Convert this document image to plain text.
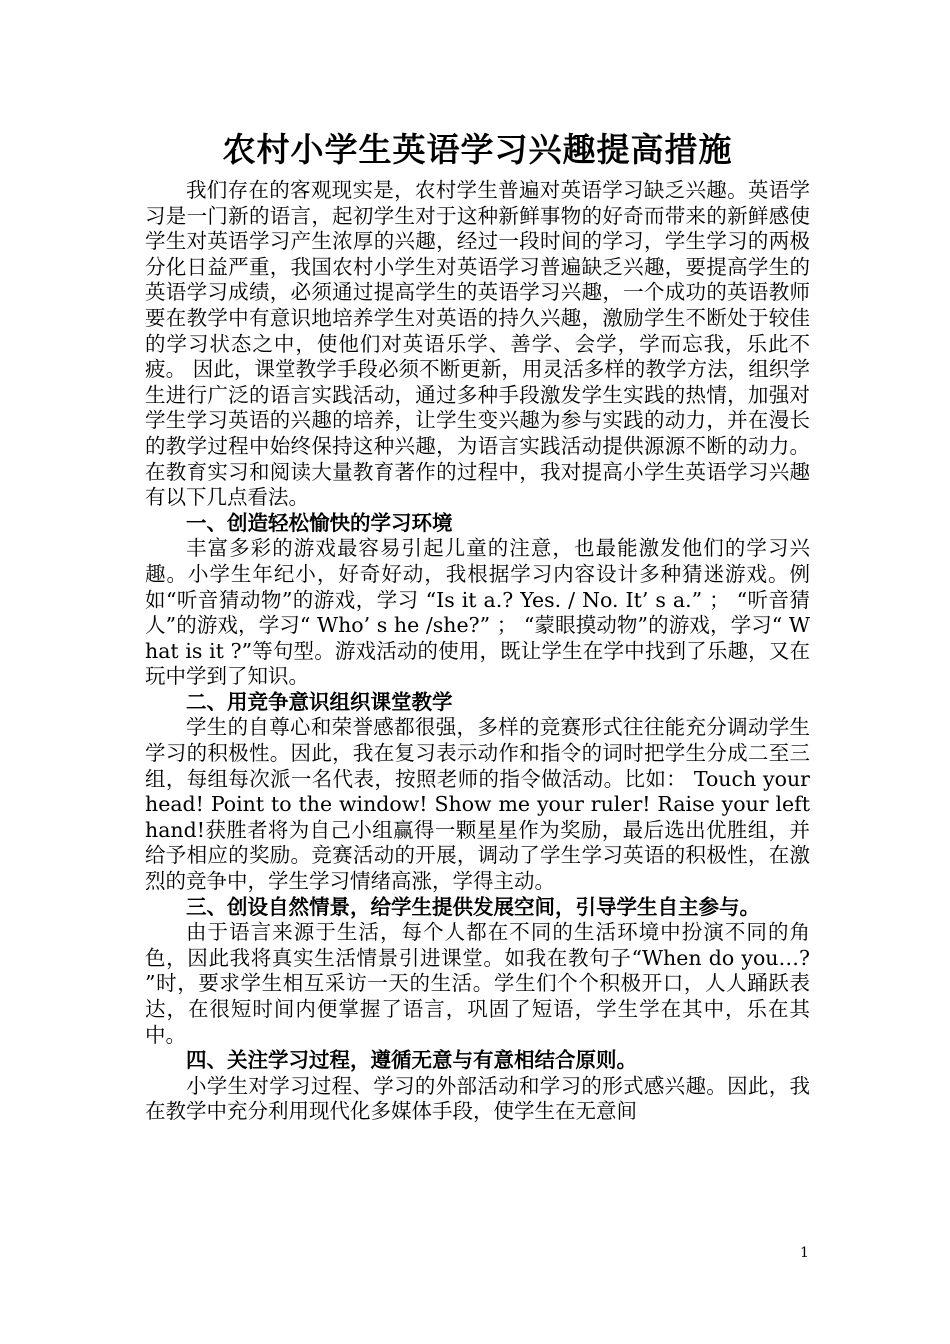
农村小学生英语学习兴趣提高措施

我们存在的客观现实是，农村学生普遍对英语学习缺乏兴趣。英语学习是一门新的语言，起初学生对于这种新鲜事物的好奇而带来的新鲜感使学生对英语学习产生浓厚的兴趣，经过一段时间的学习，学生学习的两极分化日益严重，我国农村小学生对英语学习普遍缺乏兴趣，要提高学生的英语学习成绩，必须通过提高学生的英语学习兴趣，一个成功的英语教师要在教学中有意识地培养学生对英语的持久兴趣，激励学生不断处于较佳的学习状态之中，使他们对英语乐学、善学、会学，学而忘我，乐此不疲。 因此，课堂教学手段必须不断更新，用灵活多样的教学方法，组织学生进行广泛的语言实践活动，通过多种手段激发学生实践的热情，加强对学生学习英语的兴趣的培养，让学生变兴趣为参与实践的动力，并在漫长的教学过程中始终保持这种兴趣，为语言实践活动提供源源不断的动力。在教育实习和阅读大量教育著作的过程中，我对提高小学生英语学习兴趣有以下几点看法。

一、创造轻松愉快的学习环境

丰富多彩的游戏最容易引起儿童的注意，也最能激发他们的学习兴趣。小学生年纪小，好奇好动，我根据学习内容设计多种猜迷游戏。例如“听音猜动物”的游戏，学习 “Is it a.? Yes. / No. It’ s a.” ； “听音猜人”的游戏，学习“ Who’ s he /she?” ； “蒙眼摸动物”的游戏，学习“ What is it ?”等句型。游戏活动的使用，既让学生在学中找到了乐趣，又在玩中学到了知识。

二、用竞争意识组织课堂教学

学生的自尊心和荣誉感都很强，多样的竞赛形式往往能充分调动学生学习的积极性。因此，我在复习表示动作和指令的词时把学生分成二至三组，每组每次派一名代表，按照老师的指令做活动。比如： Touch your head! Point to the window! Show me your ruler! Raise your left hand!获胜者将为自己小组赢得一颗星星作为奖励，最后选出优胜组，并给予相应的奖励。竞赛活动的开展，调动了学生学习英语的积极性，在激烈的竞争中，学生学习情绪高涨，学得主动。

三、创设自然情景，给学生提供发展空间，引导学生自主参与。

由于语言来源于生活，每个人都在不同的生活环境中扮演不同的角色，因此我将真实生活情景引进课堂。如我在教句子“When do you…? ”时，要求学生相互采访一天的生活。学生们个个积极开口，人人踊跃表达，在很短时间内便掌握了语言，巩固了短语，学生学在其中，乐在其中。

四、关注学习过程，遵循无意与有意相结合原则。

小学生对学习过程、学习的外部活动和学习的形式感兴趣。因此，我在教学中充分利用现代化多媒体手段，使学生在无意间

1
